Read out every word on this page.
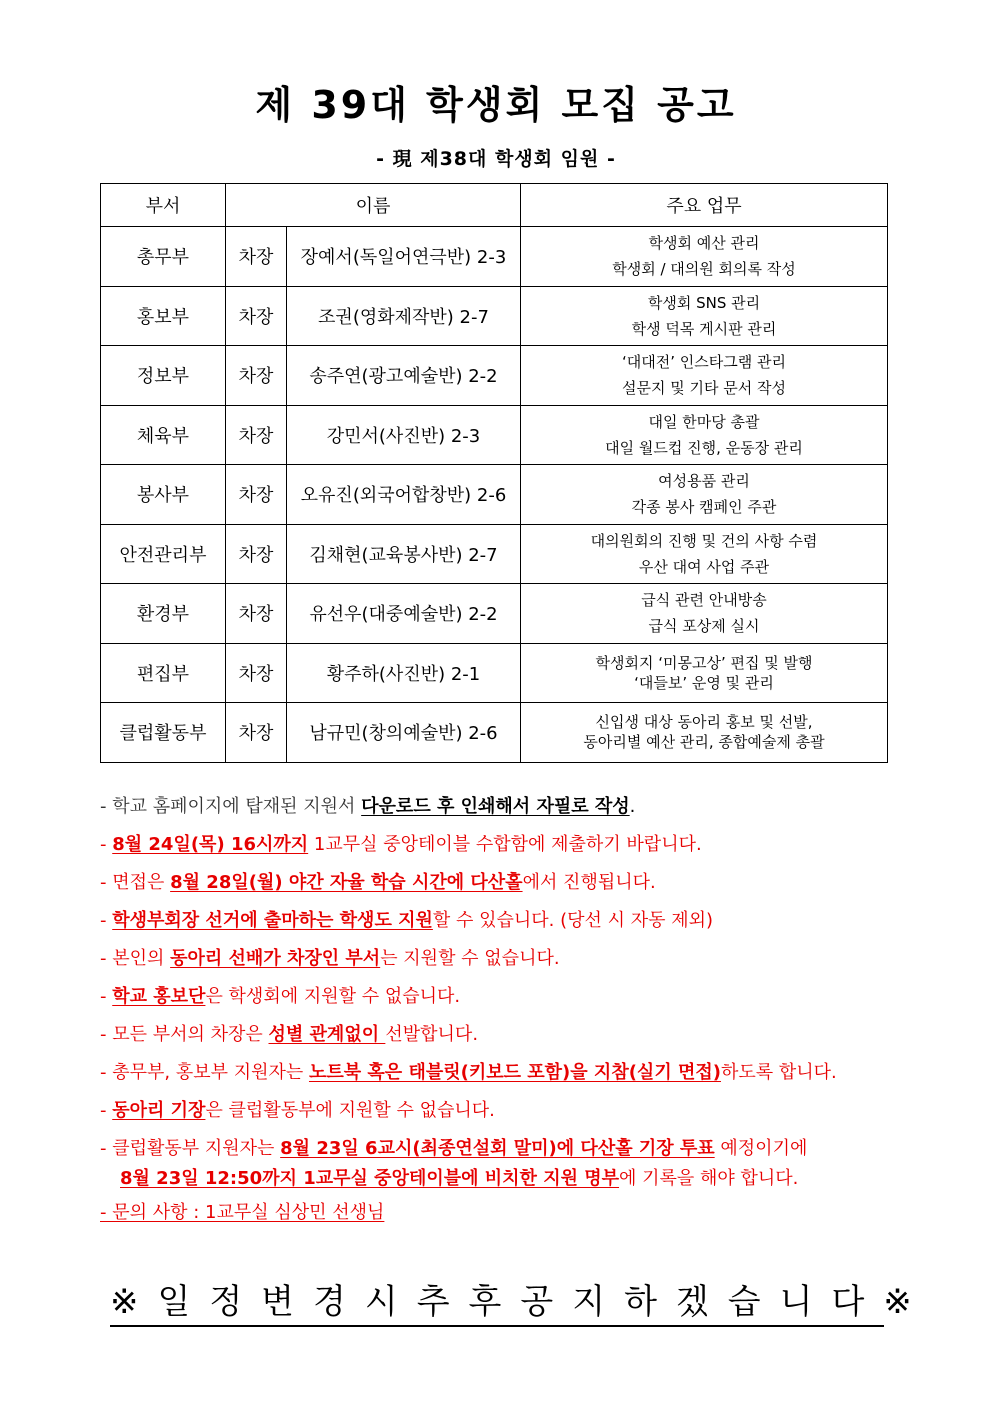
제 39대 학생회 모집 공고
- 現 제38대 학생회 임원 -
부서	이름		주요 업무
총무부	차장	장예서(독일어연극반) 2-3	학생회 예산 관리
학생회 / 대의원 회의록 작성

홍보부	차장	조권(영화제작반) 2-7	학생회 SNS 관리
학생 덕목 게시판 관리

정보부	차장	송주연(광고예술반) 2-2	‘대대전’ 인스타그램 관리
설문지 및 기타 문서 작성

체육부	차장	강민서(사진반) 2-3	대일 한마당 총괄
대일 월드컵 진행, 운동장 관리

봉사부	차장	오유진(외국어합창반) 2-6	여성용품 관리
각종 봉사 캠페인 주관

안전관리부	차장	김채현(교육봉사반) 2-7	대의원회의 진행 및 건의 사항 수렴
우산 대여 사업 주관

환경부	차장	유선우(대중예술반) 2-2	급식 관련 안내방송
급식 포상제 실시

편집부	차장	황주하(사진반) 2-1	학생회지 ‘미몽고상’ 편집 및 발행
‘대들보’ 운영 및 관리

클럽활동부	차장	남규민(창의예술반) 2-6	신입생 대상 동아리 홍보 및 선발,
동아리별 예산 관리, 종합예술제 총괄
- 학교 홈페이지에 탑재된 지원서 다운로드 후 인쇄해서 자필로 작성.
- 8월 24일(목) 16시까지 1교무실 중앙테이블 수합함에 제출하기 바랍니다.
- 면접은 8월 28일(월) 야간 자율 학습 시간에 다산홀에서 진행됩니다.
- 학생부회장 선거에 출마하는 학생도 지원할 수 있습니다. (당선 시 자동 제외)
- 본인의 동아리 선배가 차장인 부서는 지원할 수 없습니다.
- 학교 홍보단은 학생회에 지원할 수 없습니다.
- 모든 부서의 차장은 성별 관계없이 선발합니다.
- 총무부, 홍보부 지원자는 노트북 혹은 태블릿(키보드 포함)을 지참(실기 면접)하도록 합니다.
- 동아리 기장은 클럽활동부에 지원할 수 없습니다.
- 클럽활동부 지원자는 8월 23일 6교시(최종연설회 말미)에 다산홀 기장 투표 예정이기에
8월 23일 12:50까지 1교무실 중앙테이블에 비치한 지원 명부에 기록을 해야 합니다.
- 문의 사항 : 1교무실 심상민 선생님
※일정변경시추후공지하겠습니다※
